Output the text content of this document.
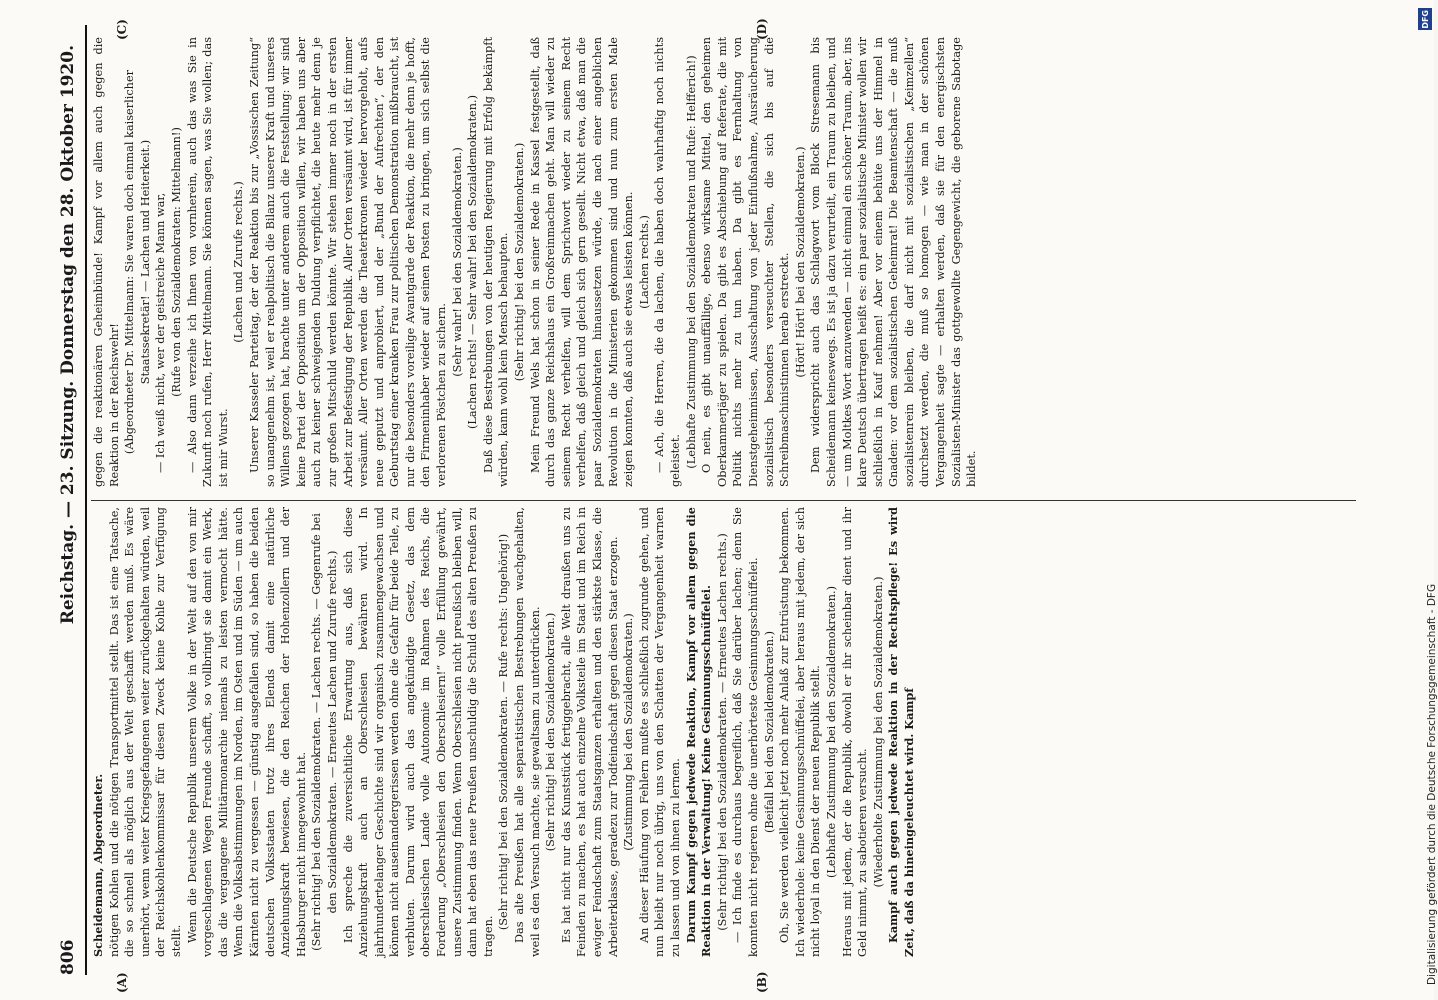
806
Reichstag. — 23. Sitzung. Donnerstag den 28. Oktober 1920.

Scheidemann, Abgeordneter. nötigen Kohlen und die nötigen Transportmittel stellt. Das ist eine Tatsache, die so schnell als möglich aus der Welt geschafft werden muß. Es wäre unerhört, wenn weiter Kriegsgefangenen weiter zurückgehalten würden, weil der Reichskohlenkommissar für diesen Zweck keine Kohle zur Verfügung stellt. Wenn die Deutsche Republik unserem Volke in der Welt auf den von mir vorgeschlagenen Wegen Freunde schafft, so vollbringt sie damit ein Werk, das die vergangene Militärmonarchie niemals zu leisten vermocht hätte. Wenn die Volksabstimmungen im Norden, im Osten und im Süden — um auch Kärnten nicht zu vergessen — günstig ausgefallen sind, so haben die beiden deutschen Volksstaaten trotz ihres Elends damit eine natürliche Anziehungskraft bewiesen, die den Reichen der Hohenzollern und der Habsburger nicht innegewohnt hat. (Sehr richtig! bei den Sozialdemokraten. — Lachen rechts. — Gegenrufe bei den Sozialdemokraten. — Erneutes Lachen und Zurufe rechts.) Ich spreche die zuversichtliche Erwartung aus, daß sich diese Anziehungskraft auch an Oberschlesien bewähren wird. In jahrhundertelanger Geschichte sind wir organisch zusammengewachsen und können nicht auseinandergerissen werden ohne die Gefahr für beide Teile, zu verbluten. Darum wird auch das angekündigte Gesetz, das dem oberschlesischen Lande volle Autonomie im Rahmen des Reichs, die Forderung „Oberschlesien den Oberschlesiern!“ volle Erfüllung gewährt, unsere Zustimmung finden. Wenn Oberschlesien nicht preußisch bleiben will, dann hat eben das neue Preußen unschuldig die Schuld des alten Preußen zu tragen.

(Sehr richtig! bei den Sozialdemokraten. — Rufe rechts: Ungehörig!) Das alte Preußen hat alle separatistischen Bestrebungen wachgehalten, weil es den Versuch machte, sie gewaltsam zu unterdrücken. (Sehr richtig! bei den Sozialdemokraten.) Es hat nicht nur das Kunststück fertiggebracht, alle Welt draußen uns zu Feinden zu machen, es hat auch einzelne Volksteile im Staat und im Reich in ewiger Feindschaft zum Staatsganzen erhalten und den stärkste Klasse, die Arbeiterklasse, geradezu zur Todfeindschaft gegen diesen Staat erzogen. (Zustimmung bei den Sozialdemokraten.) An dieser Häufung von Fehlern mußte es schließlich zugrunde gehen, und nun bleibt nur noch übrig, uns von den Schatten der Vergangenheit warnen zu lassen und von ihnen zu lernen. Darum Kampf gegen jedwede Reaktion, Kampf vor allem gegen die Reaktion in der Verwaltung! Keine Gesinnungsschnüffelei. (Sehr richtig! bei den Sozialdemokraten. — Erneutes Lachen rechts.) — Ich finde es durchaus begreiflich, daß Sie darüber lachen; denn Sie konnten nicht regieren ohne die unerhörteste Gesinnungsschnüffelei. (Beifall bei den Sozialdemokraten.) Oh, Sie werden vielleicht jetzt noch mehr Anlaß zur Entrüstung bekommen. Ich wiederhole: keine Gesinnungsschnüffelei, aber heraus mit jedem, der sich nicht loyal in den Dienst der neuen Republik stellt. (Lebhafte Zustimmung bei den Sozialdemokraten.) Heraus mit jedem, der die Republik, obwohl er ihr scheinbar dient und ihr Geld nimmt, zu sabotieren versucht. (Wiederholte Zustimmung bei den Sozialdemokraten.) Kampf auch gegen jedwede Reaktion in der Rechtspflege! Es wird Zeit, daß da hineingeleuchtet wird. Kampf

gegen die reaktionären Geheimbünde! Kampf vor allem auch gegen die Reaktion in der Reichswehr! (Abgeordneter Dr. Mittelmann: Sie waren doch einmal kaiserlicher Staatssekretär! — Lachen und Heiterkeit.) — Ich weiß nicht, wer der geistreiche Mann war, (Rufe von den Sozialdemokraten: Mittelmann!) — Also dann verzeihe ich Ihnen von vornherein, auch das was Sie in Zukunft noch rufen, Herr Mittelmann. Sie können sagen, was Sie wollen; das ist mir Wurst.

(Lachen und Zurufe rechts.) Unserer Kasseler Parteitag, der der Reaktion bis zur „Vossischen Zeitung“ so unangenehm ist, weil er realpolitisch die Bilanz unserer Kraft und unseres Willens gezogen hat, brachte unter anderem auch die Feststellung: wir sind keine Partei der Opposition um der Opposition willen, wir haben uns aber auch zu keiner schweigenden Duldung verpflichtet, die heute mehr denn je zur großen Mitschuld werden könnte. Wir stehen immer noch in der ersten Arbeit zur Befestigung der Republik. Aller Orten versäumt wird, ist für immer versäumt. Aller Orten werden die Theaterkronen wieder hervorgeholt, aufs neue geputzt und anprobiert, und der „Bund der Aufrechten“, der den Geburtstag einer kranken Frau zur politischen Demonstration mißbraucht, ist nur die besonders voreilige Avantgarde der Reaktion, die mehr denn je hofft, den Firmeninhaber wieder auf seinen Posten zu bringen, um sich selbst die verlorenen Pöstchen zu sichern.

(Sehr wahr! bei den Sozialdemokraten.) (Lachen rechts! — Sehr wahr! bei den Sozialdemokraten.) Daß diese Bestrebungen von der heutigen Regierung mit Erfolg bekämpft würden, kann wohl kein Mensch behaupten. (Sehr richtig! bei den Sozialdemokraten.) Mein Freund Wels hat schon in seiner Rede in Kassel festgestellt, daß durch das ganze Reichshaus ein Großreinmachen geht. Man will wieder zu seinem Recht verhelfen, will dem Sprichwort wieder zu seinem Recht verhelfen, daß gleich und gleich sich gern gesellt. Nicht etwa, daß man die paar Sozialdemokraten hinaussetzen würde, die nach einer angeblichen Revolution in die Ministerien gekommen sind und nun zum ersten Male zeigen konnten, daß auch sie etwas leisten können. (Lachen rechts.) — Ach, die Herren, die da lachen, die haben doch wahrhaftig noch nichts geleistet. (Lebhafte Zustimmung bei den Sozialdemokraten und Rufe: Helfferich!) O nein, es gibt unauffällige, ebenso wirksame Mittel, den geheimen Oberkammerjäger zu spielen. Da gibt es Abschiebung auf Referate, die mit Politik nichts mehr zu tun haben. Da gibt es Fernhaltung von Dienstgeheimnissen, Ausschaltung von jeder Einflußnahme, Ausräucherung sozialistisch besonders verseuchter Stellen, die sich bis auf die Schreibmaschinistinnen herab erstreckt. (Hört! Hört! bei den Sozialdemokraten.) Dem widerspricht auch das Schlagwort vom Block Stresemann bis Scheidemann keineswegs. Es ist ja dazu verurteilt, ein Traum zu bleiben, und — um Moltkes Wort anzuwenden — nicht einmal ein schöner Traum, aber, ins klare Deutsch übertragen heißt es: ein paar sozialistische Minister wollen wir schließlich in Kauf nehmen! Aber vor einem behüte uns der Himmel in Gnaden: vor dem sozialistischen Geheimrat! Die Beamtenschaft — die muß sozialistenrein bleiben, die darf nicht mit sozialistischen „Keimzellen“ durchsetzt werden, die muß so homogen — wie man in der schönen Vergangenheit sagte — erhalten werden, daß sie für den energischsten Sozialisten-Minister das gottgewollte Gegengewicht, die geborene Sabotage bildet.

(A)	(B)
(C)	(D)	DFG
Digitalisierung gefördert durch die Deutsche Forschungsgemeinschaft - DFG
